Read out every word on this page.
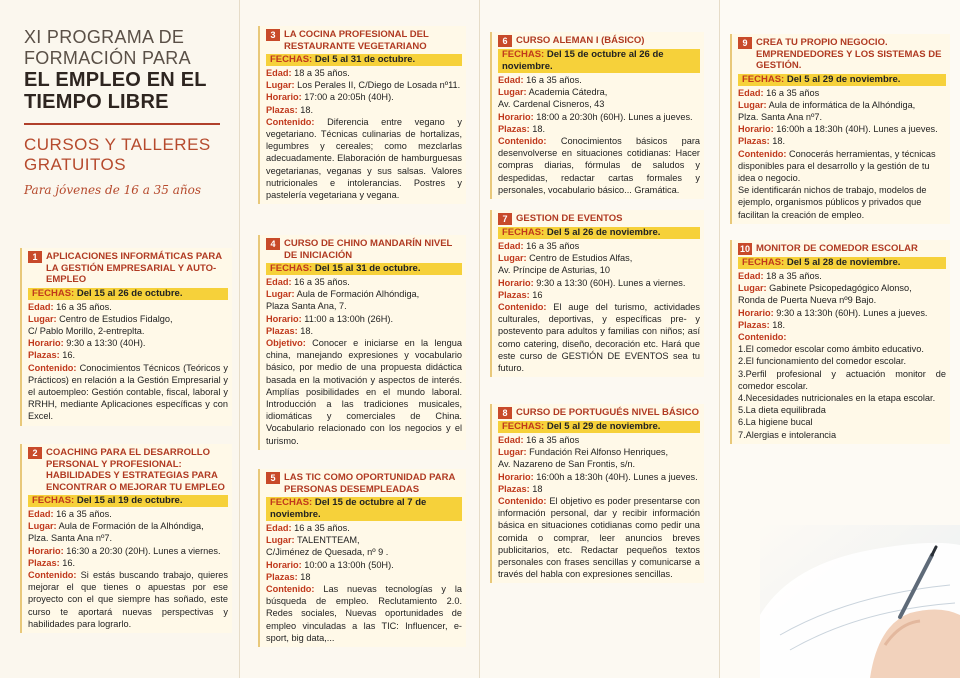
XI PROGRAMA DE
FORMACIÓN PARA
EL EMPLEO EN EL
TIEMPO LIBRE
CURSOS Y TALLERES
GRATUITOS
Para jóvenes de 16 a 35 años
1 APLICACIONES INFORMÁTICAS PARA LA GESTIÓN EMPRESARIAL Y AUTO-EMPLEO
FECHAS: Del 15 al 26 de octubre.
Edad: 16 a 35 años.
Lugar: Centro de Estudios Fidalgo,
C/ Pablo Morillo, 2-entreplta.
Horario: 9:30 a 13:30 (40H).
Plazas: 16.
Contenido: Conocimientos Técnicos (Teóricos y Prácticos) en relación a la Gestión Empresarial y el autoempleo: Gestión contable, fiscal, laboral y RRHH, mediante Aplicaciones específicas y con Excel.
2 COACHING PARA EL DESARROLLO PERSONAL Y PROFESIONAL: HABILIDADES Y ESTRATEGIAS PARA ENCONTRAR O MEJORAR TU EMPLEO
FECHAS: Del 15 al 19 de octubre.
Edad: 16 a 35 años.
Lugar: Aula de Formación de la Alhóndiga,
Plza. Santa Ana nº7.
Horario: 16:30 a 20:30 (20H). Lunes a viernes.
Plazas: 16.
Contenido: Si estás buscando trabajo, quieres mejorar el que tienes o apuestas por ese proyecto con el que siempre has soñado, este curso te aportará nuevas perspectivas y habilidades para lograrlo.
3 LA COCINA PROFESIONAL DEL RESTAURANTE VEGETARIANO
FECHAS: Del 5 al 31 de octubre.
Edad: 18 a 35 años.
Lugar: Los Perales II, C/Diego de Losada nº11.
Horario: 17:00 a 20:05h (40H).
Plazas: 18.
Contenido: Diferencia entre vegano y vegetariano. Técnicas culinarias de hortalizas, legumbres y cereales; como mezclarlas adecuadamente. Elaboración de hamburguesas vegetarianas, veganas y sus salsas. Valores nutricionales e intolerancias. Postres y pastelería vegetariana y vegana.
4 CURSO DE CHINO MANDARÍN NIVEL DE INICIACIÓN
FECHAS: Del 15 al 31 de octubre.
Edad: 16 a 35 años.
Lugar: Aula de Formación Alhóndiga,
Plaza Santa Ana, 7.
Horario: 11:00 a 13:00h (26H).
Plazas: 18.
Objetivo: Conocer e iniciarse en la lengua china, manejando expresiones y vocabulario básico, por medio de una propuesta didáctica basada en la motivación y aspectos de interés. Amplías posibilidades en el mundo laboral. Introducción a las tradiciones musicales, idiomáticas y comerciales de China. Vocabulario relacionado con los negocios y el turismo.
5 LAS TIC COMO OPORTUNIDAD PARA PERSONAS DESEMPLEADAS
FECHAS: Del 15 de octubre al 7 de noviembre.
Edad: 16 a 35 años.
Lugar: TALENTTEAM,
C/Jiménez de Quesada, nº 9 .
Horario: 10:00 a 13:00h (50H).
Plazas: 18
Contenido: Las nuevas tecnologías y la búsqueda de empleo. Reclutamiento 2.0. Redes sociales, Nuevas oportunidades de empleo vinculadas a las TIC: Influencer, e-sport, big data,...
6 CURSO ALEMAN I (BÁSICO)
FECHAS: Del 15 de octubre al 26 de noviembre.
Edad: 16 a 35 años.
Lugar: Academia Cátedra,
Av. Cardenal Cisneros, 43
Horario: 18:00 a 20:30h (60H). Lunes a jueves.
Plazas: 18.
Contenido: Conocimientos básicos para desenvolverse en situaciones cotidianas: Hacer compras diarias, fórmulas de saludos y despedidas, redactar cartas formales y personales, vocabulario básico... Gramática.
7 GESTION DE EVENTOS
FECHAS: Del 5 al 26 de noviembre.
Edad: 16 a 35 años
Lugar: Centro de Estudios Alfas,
Av. Príncipe de Asturias, 10
Horario: 9:30 a 13:30 (60H). Lunes a viernes.
Plazas: 16
Contenido: El auge del turismo, actividades culturales, deportivas, y específicas pre- y postevento para adultos y familias con niños; así como catering, diseño, decoración etc. Hará que este curso de GESTIÓN DE EVENTOS sea tu futuro.
8 CURSO DE PORTUGUÉS NIVEL BÁSICO
FECHAS: Del 5 al 29 de noviembre.
Edad: 16 a 35 años
Lugar: Fundación Rei Alfonso Henriques,
Av. Nazareno de San Frontis, s/n.
Horario: 16:00h a 18:30h (40H). Lunes a jueves.
Plazas: 18
Contenido: El objetivo es poder presentarse con información personal, dar y recibir información básica en situaciones cotidianas como pedir una comida o comprar, leer anuncios breves publicitarios, etc. Redactar pequeños textos personales con frases sencillas y comunicarse a través del habla con expresiones sencillas.
9 CREA TU PROPIO NEGOCIO. EMPRENDEDORES Y LOS SISTEMAS DE GESTIÓN.
FECHAS: Del 5 al 29 de noviembre.
Edad: 16 a 35 años
Lugar: Aula de informática de la Alhóndiga,
Plza. Santa Ana nº7.
Horario: 16:00h a 18:30h (40H). Lunes a jueves.
Plazas: 18.
Contenido: Conocerás herramientas, y técnicas disponibles para el desarrollo y la gestión de tu idea o negocio.
Se identificarán nichos de trabajo, modelos de ejemplo, organismos públicos y privados que facilitan la creación de empleo.
10 MONITOR DE COMEDOR ESCOLAR
FECHAS: Del 5 al 28 de noviembre.
Edad: 18 a 35 años.
Lugar: Gabinete Psicopedagógico Alonso,
Ronda de Puerta Nueva nº9 Bajo.
Horario: 9:30 a 13:30h (60H). Lunes a jueves.
Plazas: 18.
Contenido:
1.El comedor escolar como ámbito educativo.
2.El funcionamiento del comedor escolar.
3.Perfil profesional y actuación monitor de comedor escolar.
4.Necesidades nutricionales en la etapa escolar.
5.La dieta equilibrada
6.La higiene bucal
7.Alergias e intolerancia
